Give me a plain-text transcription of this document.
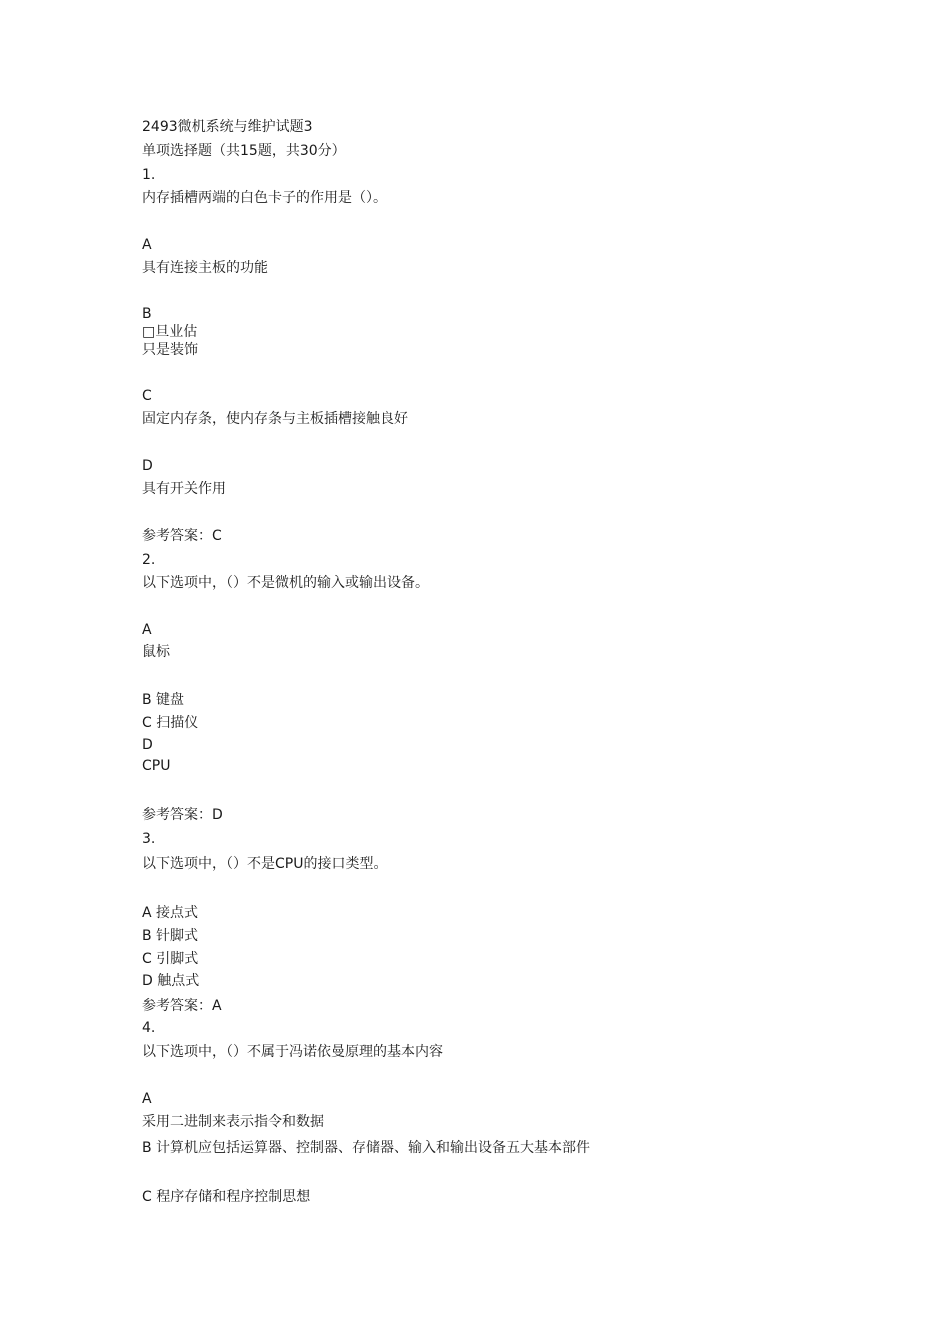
2493微机系统与维护试题3
单项选择题（共15题，共30分）
1.
内存插槽两端的白色卡子的作用是（）。
A
具有连接主板的功能
B
□旦业估
只是装饰
C
固定内存条，使内存条与主板插槽接触良好
D
具有开关作用
参考答案：C
2.
以下选项中，（）不是微机的输入或输出设备。
A
鼠标
B 键盘
C 扫描仪
D
CPU
参考答案：D
3.
以下选项中，（）不是CPU的接口类型。
A 接点式
B 针脚式
C 引脚式
D 触点式
参考答案：A
4.
以下选项中，（）不属于冯诺依曼原理的基本内容
A
采用二进制来表示指令和数据
B 计算机应包括运算器、控制器、存储器、输入和输出设备五大基本部件
C 程序存储和程序控制思想
